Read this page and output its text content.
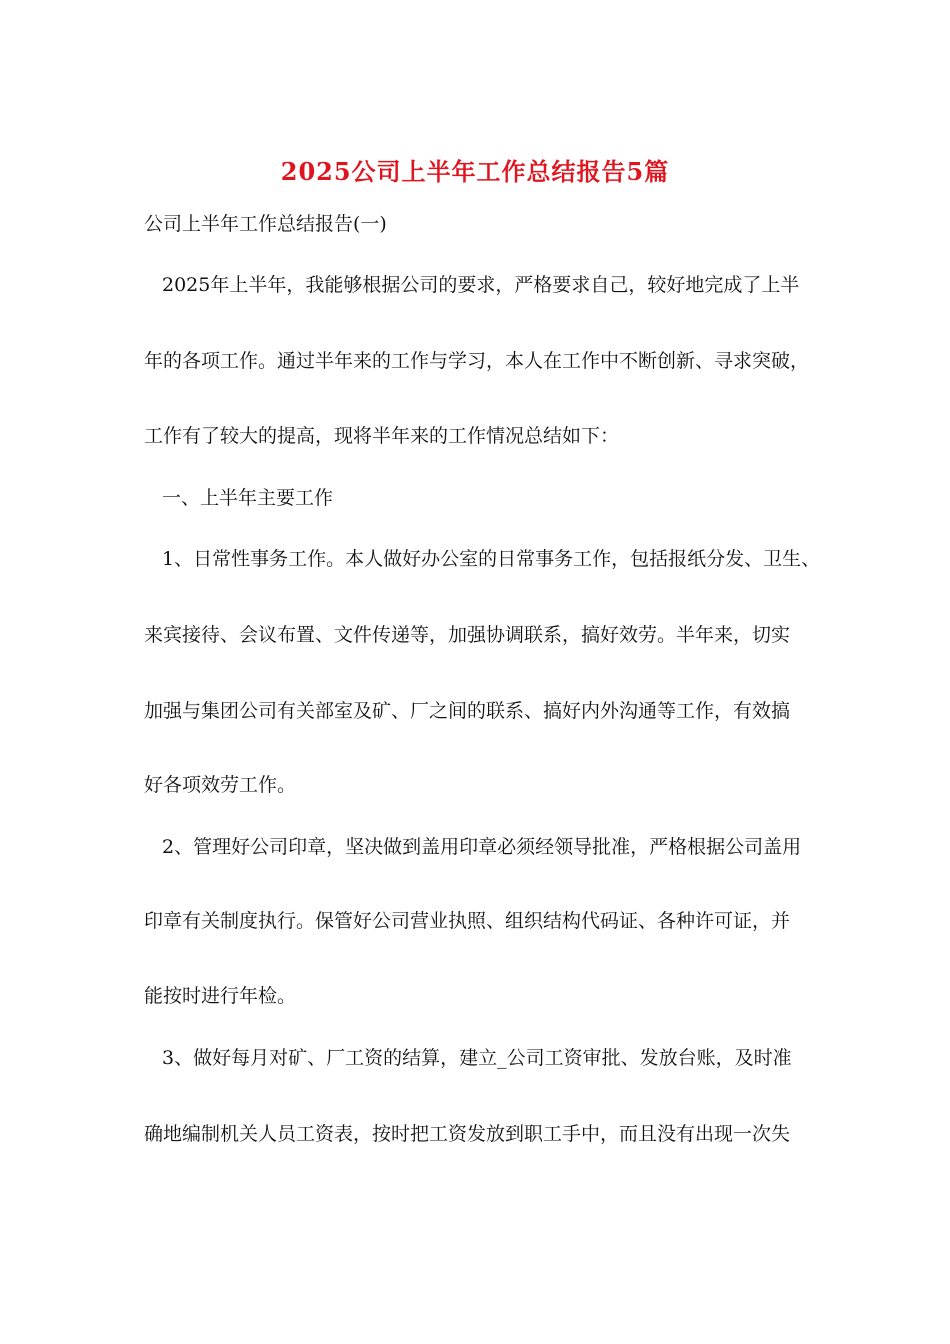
2025公司上半年工作总结报告5篇
公司上半年工作总结报告(一)
2025年上半年，我能够根据公司的要求，严格要求自己，较好地完成了上半
年的各项工作。通过半年来的工作与学习，本人在工作中不断创新、寻求突破，
工作有了较大的提高，现将半年来的工作情况总结如下：
一、上半年主要工作
1、日常性事务工作。本人做好办公室的日常事务工作，包括报纸分发、卫生、
来宾接待、会议布置、文件传递等，加强协调联系，搞好效劳。半年来，切实
加强与集团公司有关部室及矿、厂之间的联系、搞好内外沟通等工作，有效搞
好各项效劳工作。
2、管理好公司印章，坚决做到盖用印章必须经领导批准，严格根据公司盖用
印章有关制度执行。保管好公司营业执照、组织结构代码证、各种许可证，并
能按时进行年检。
3、做好每月对矿、厂工资的结算，建立_公司工资审批、发放台账，及时准
确地编制机关人员工资表，按时把工资发放到职工手中，而且没有出现一次失
